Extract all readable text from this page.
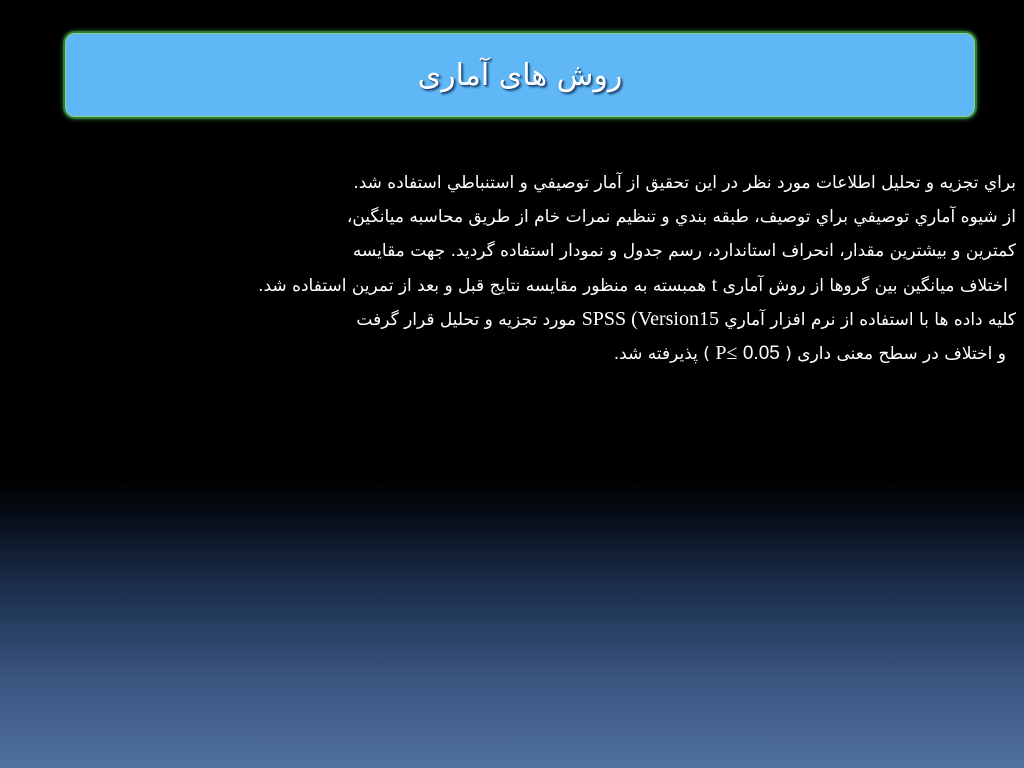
روش های آماری
براي تجزيه و تحليل اطلاعات مورد نظر در اين تحقيق از آمار توصيفي و استنباطي استفاده شد.
از شيوه آماري توصيفي براي توصيف، طبقه بندي و تنظيم نمرات خام از طريق محاسبه ميانگين،
کمترين و بيشترين مقدار، انحراف استاندارد، رسم جدول و نمودار استفاده گرديد. جهت مقايسه
اختلاف میانگین بین گروها از روش آماری t همبسته به منظور مقایسه نتایج قبل و بعد از تمرین استفاده شد.
کليه داده ها با استفاده از نرم افزار آماري SPSS (Version15 مورد تجزيه و تحليل قرار گرفت
و اختلاف در سطح معنی داری ( P≤ 0.05 ) پذیرفته شد.
